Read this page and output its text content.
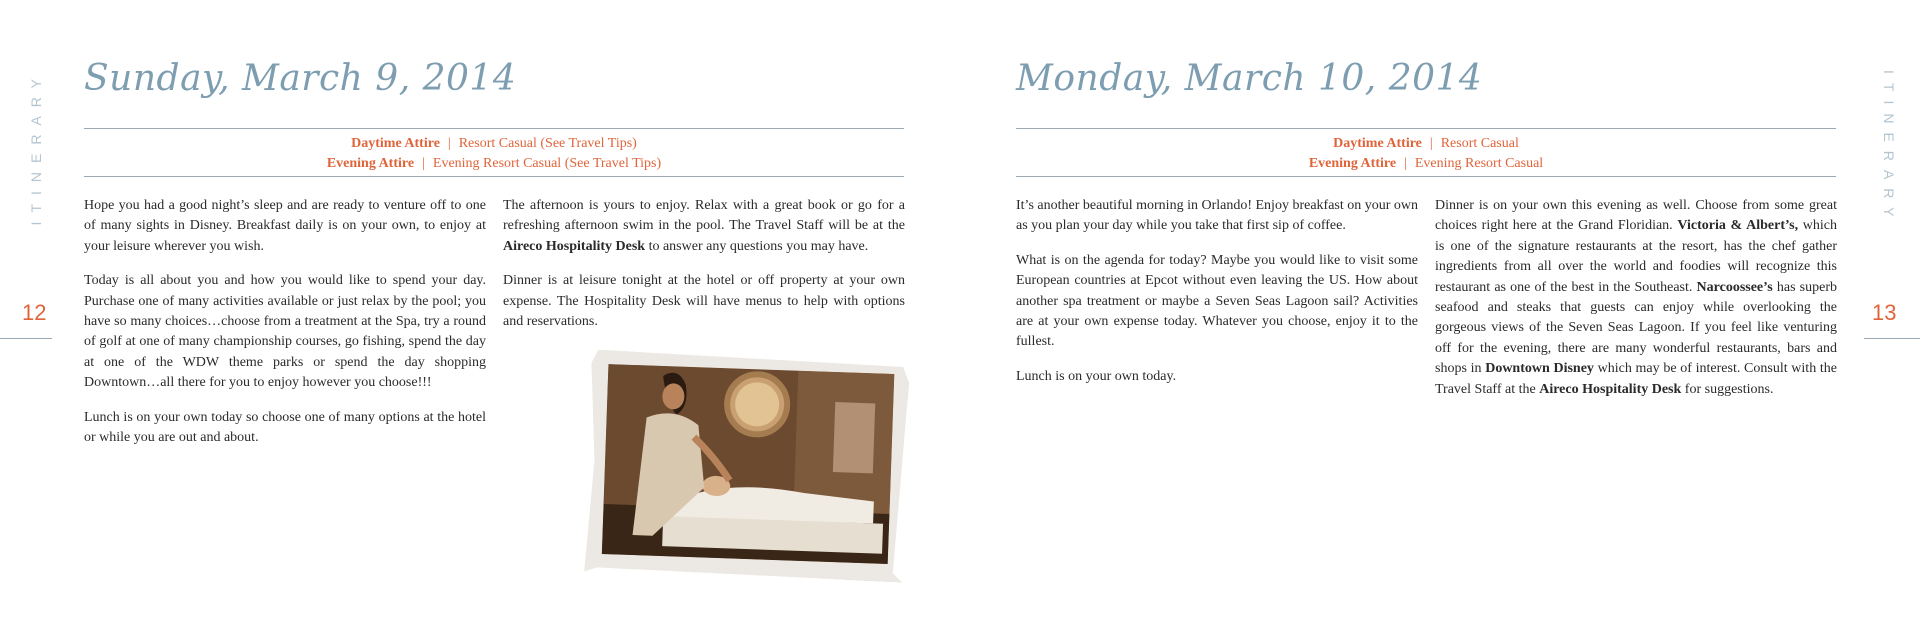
ITINERARY
12
Sunday, March 9, 2014
Daytime Attire | Resort Casual (See Travel Tips)
Evening Attire | Evening Resort Casual (See Travel Tips)

Hope you had a good night’s sleep and are ready to venture off to one of many sights in Disney. Breakfast daily is on your own, to enjoy at your leisure wherever you wish.

Today is all about you and how you would like to spend your day. Purchase one of many activities available or just relax by the pool; you have so many choices…choose from a treatment at the Spa, try a round of golf at one of many championship courses, go fishing, spend the day at one of the WDW theme parks or spend the day shopping Downtown…all there for you to enjoy however you choose!!!

Lunch is on your own today so choose one of many options at the hotel or while you are out and about.

The afternoon is yours to enjoy. Relax with a great book or go for a refreshing afternoon swim in the pool. The Travel Staff will be at the Aireco Hospitality Desk to answer any questions you may have.

Dinner is at leisure tonight at the hotel or off property at your own expense. The Hospitality Desk will have menus to help with options and reservations.

ITINERARY
13
Monday, March 10, 2014
Daytime Attire | Resort Casual
Evening Attire | Evening Resort Casual

It’s another beautiful morning in Orlando! Enjoy breakfast on your own as you plan your day while you take that first sip of coffee.

What is on the agenda for today? Maybe you would like to visit some European countries at Epcot without even leaving the US. How about another spa treatment or maybe a Seven Seas Lagoon sail? Activities are at your own expense today. Whatever you choose, enjoy it to the fullest.

Lunch is on your own today.

Dinner is on your own this evening as well. Choose from some great choices right here at the Grand Floridian. Victoria & Albert’s, which is one of the signature restaurants at the resort, has the chef gather ingredients from all over the world and foodies will recognize this restaurant as one of the best in the Southeast. Narcoossee’s has superb seafood and steaks that guests can enjoy while overlooking the gorgeous views of the Seven Seas Lagoon. If you feel like venturing off for the evening, there are many wonderful restaurants, bars and shops in Downtown Disney which may be of interest. Consult with the Travel Staff at the Aireco Hospitality Desk for suggestions.
